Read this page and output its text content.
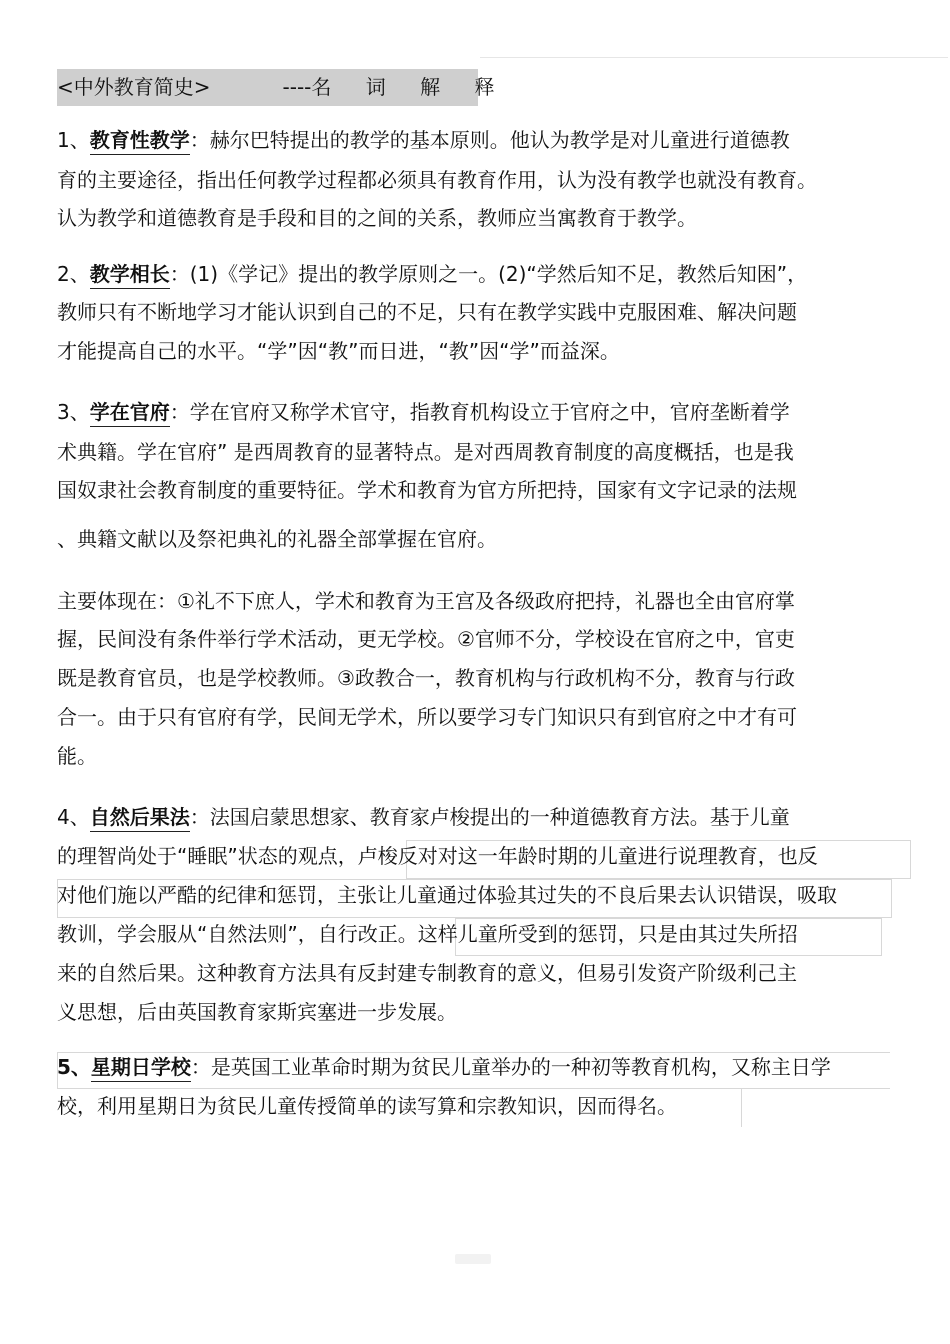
<中外教育简史>	----名 词 解 释
1、教育性教学：赫尔巴特提出的教学的基本原则。他认为教学是对儿童进行道德教
育的主要途径，指出任何教学过程都必须具有教育作用，认为没有教学也就没有教育。
认为教学和道德教育是手段和目的之间的关系，教师应当寓教育于教学。
2、教学相长：(1)《学记》提出的教学原则之一。(2)“学然后知不足，教然后知困”，
教师只有不断地学习才能认识到自己的不足，只有在教学实践中克服困难、解决问题
才能提高自己的水平。“学”因“教”而日进，“教”因“学”而益深。
3、学在官府：学在官府又称学术官守，指教育机构设立于官府之中，官府垄断着学
术典籍。学在官府” 是西周教育的显著特点。是对西周教育制度的高度概括，也是我
国奴隶社会教育制度的重要特征。学术和教育为官方所把持，国家有文字记录的法规
、典籍文献以及祭祀典礼的礼器全部掌握在官府。
主要体现在：①礼不下庶人，学术和教育为王宫及各级政府把持，礼器也全由官府掌
握，民间没有条件举行学术活动，更无学校。②官师不分，学校设在官府之中，官吏
既是教育官员，也是学校教师。③政教合一，教育机构与行政机构不分，教育与行政
合一。由于只有官府有学，民间无学术，所以要学习专门知识只有到官府之中才有可
能。
4、自然后果法：法国启蒙思想家、教育家卢梭提出的一种道德教育方法。基于儿童
的理智尚处于“睡眠”状态的观点，卢梭反对对这一年龄时期的儿童进行说理教育，也反
对他们施以严酷的纪律和惩罚，主张让儿童通过体验其过失的不良后果去认识错误，吸取
教训，学会服从“自然法则”，自行改正。这样儿童所受到的惩罚，只是由其过失所招
来的自然后果。这种教育方法具有反封建专制教育的意义，但易引发资产阶级利己主
义思想，后由英国教育家斯宾塞进一步发展。
5、星期日学校：是英国工业革命时期为贫民儿童举办的一种初等教育机构，又称主日学
校，利用星期日为贫民儿童传授简单的读写算和宗教知识，因而得名。
